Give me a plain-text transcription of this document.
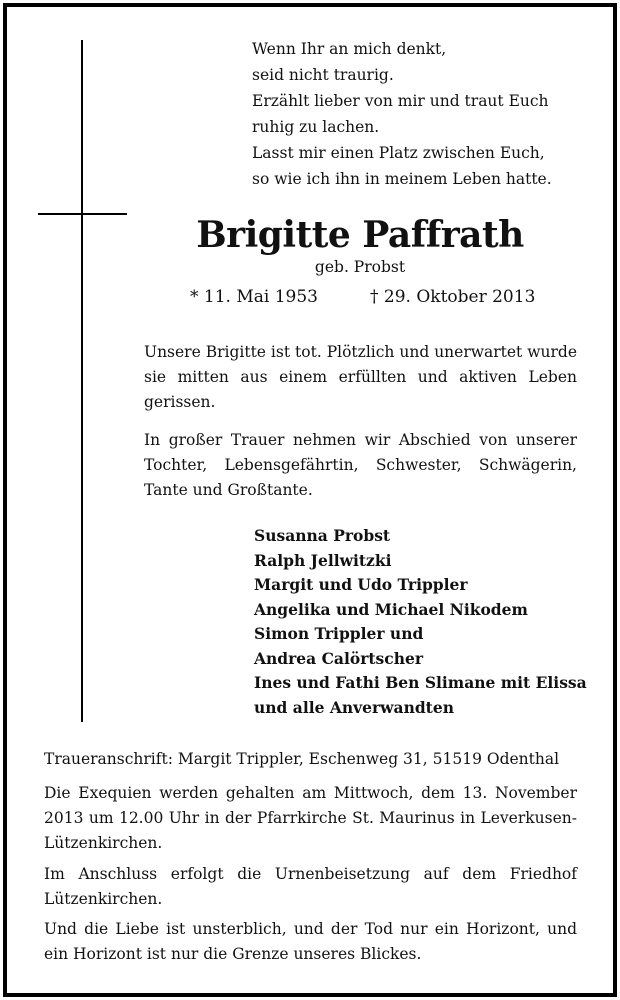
Wenn Ihr an mich denkt,
seid nicht traurig.
Erzählt lieber von mir und traut Euch
ruhig zu lachen.
Lasst mir einen Platz zwischen Euch,
so wie ich ihn in meinem Leben hatte.
Brigitte Paffrath
geb. Probst
* 11. Mai 1953	† 29. Oktober 2013
Unsere Brigitte ist tot. Plötzlich und unerwartet wurde sie mitten aus einem erfüllten und aktiven Leben gerissen.
In großer Trauer nehmen wir Abschied von unserer Tochter, Lebensgefährtin, Schwester, Schwägerin, Tante und Großtante.
Susanna Probst
Ralph Jellwitzki
Margit und Udo Trippler
Angelika und Michael Nikodem
Simon Trippler und
Andrea Calörtscher
Ines und Fathi Ben Slimane mit Elissa
und alle Anverwandten
Traueranschrift: Margit Trippler, Eschenweg 31, 51519 Odenthal
Die Exequien werden gehalten am Mittwoch, dem 13. November 2013 um 12.00 Uhr in der Pfarrkirche St. Maurinus in Leverkusen-Lützenkirchen.
Im Anschluss erfolgt die Urnenbeisetzung auf dem Friedhof Lützenkirchen.
Und die Liebe ist unsterblich, und der Tod nur ein Horizont, und ein Horizont ist nur die Grenze unseres Blickes.
